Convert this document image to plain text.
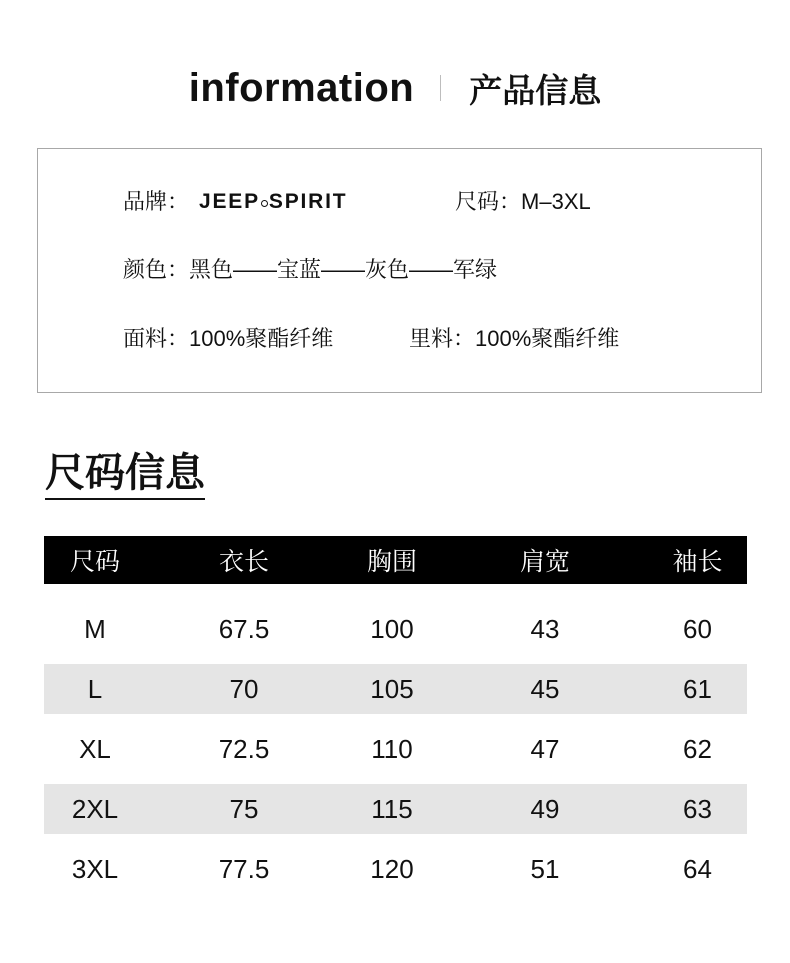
information 产品信息
品牌： JEEP SPIRIT	尺码：M–3XL
颜色：黑色——宝蓝——灰色——军绿
面料：100%聚酯纤维	里料：100%聚酯纤维
尺码信息
尺码	衣长	胸围	肩宽	袖长
M	67.5	100	43	60
L	70	105	45	61
XL	72.5	110	47	62
2XL	75	115	49	63
3XL	77.5	120	51	64
